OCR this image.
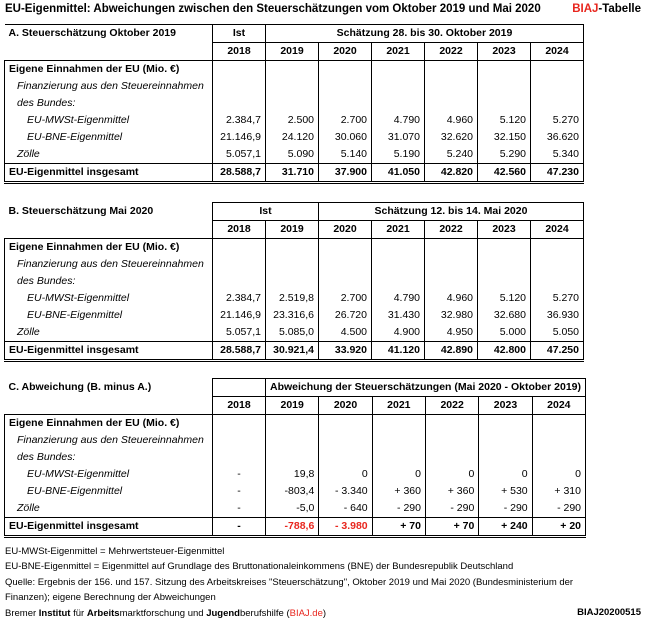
EU-Eigenmittel: Abweichungen zwischen den Steuerschätzungen vom Oktober 2019 und Mai 2020	BIAJ-Tabelle
A. Steuerschätzung Oktober 2019	Ist	Schätzung 28. bis 30. Oktober 2019					
	2018	2019	2020	2021	2022	2023	2024
Eigene Einnahmen der EU (Mio. €)							
Finanzierung aus den Steuereinnahmen							
des Bundes:							
EU-MWSt-Eigenmittel	2.384,7	2.500	2.700	4.790	4.960	5.120	5.270
EU-BNE-Eigenmittel	21.146,9	24.120	30.060	31.070	32.620	32.150	36.620
Zölle	5.057,1	5.090	5.140	5.190	5.240	5.290	5.340
EU-Eigenmittel insgesamt	28.588,7	31.710	37.900	41.050	42.820	42.560	47.230
B. Steuerschätzung Mai 2020	Ist		Schätzung 12. bis 14. Mai 2020				
	2018	2019	2020	2021	2022	2023	2024
Eigene Einnahmen der EU (Mio. €)							
Finanzierung aus den Steuereinnahmen							
des Bundes:							
EU-MWSt-Eigenmittel	2.384,7	2.519,8	2.700	4.790	4.960	5.120	5.270
EU-BNE-Eigenmittel	21.146,9	23.316,6	26.720	31.430	32.980	32.680	36.930
Zölle	5.057,1	5.085,0	4.500	4.900	4.950	5.000	5.050
EU-Eigenmittel insgesamt	28.588,7	30.921,4	33.920	41.120	42.890	42.800	47.250
C. Abweichung (B. minus A.)		Abweichung der Steuerschätzungen (Mai 2020 - Oktober 2019)					
	2018	2019	2020	2021	2022	2023	2024
Eigene Einnahmen der EU (Mio. €)							
Finanzierung aus den Steuereinnahmen							
des Bundes:							
EU-MWSt-Eigenmittel	-	19,8	0	0	0	0	0
EU-BNE-Eigenmittel	-	-803,4	- 3.340	+ 360	+ 360	+ 530	+ 310
Zölle	-	-5,0	- 640	- 290	- 290	- 290	- 290
EU-Eigenmittel insgesamt	-	-788,6	- 3.980	+ 70	+ 70	+ 240	+ 20
EU-MWSt-Eigenmittel = Mehrwertsteuer-Eigenmittel
EU-BNE-Eigenmittel = Eigenmittel auf Grundlage des Bruttonationaleinkommens (BNE) der Bundesrepublik Deutschland
Quelle: Ergebnis der 156. und 157. Sitzung des Arbeitskreises "Steuerschätzung", Oktober 2019 und Mai 2020 (Bundesministerium der
Finanzen); eigene Berechnung der Abweichungen
Bremer Institut für Arbeitsmarktforschung und Jugendberufshilfe (BIAJ.de)	BIAJ20200515
